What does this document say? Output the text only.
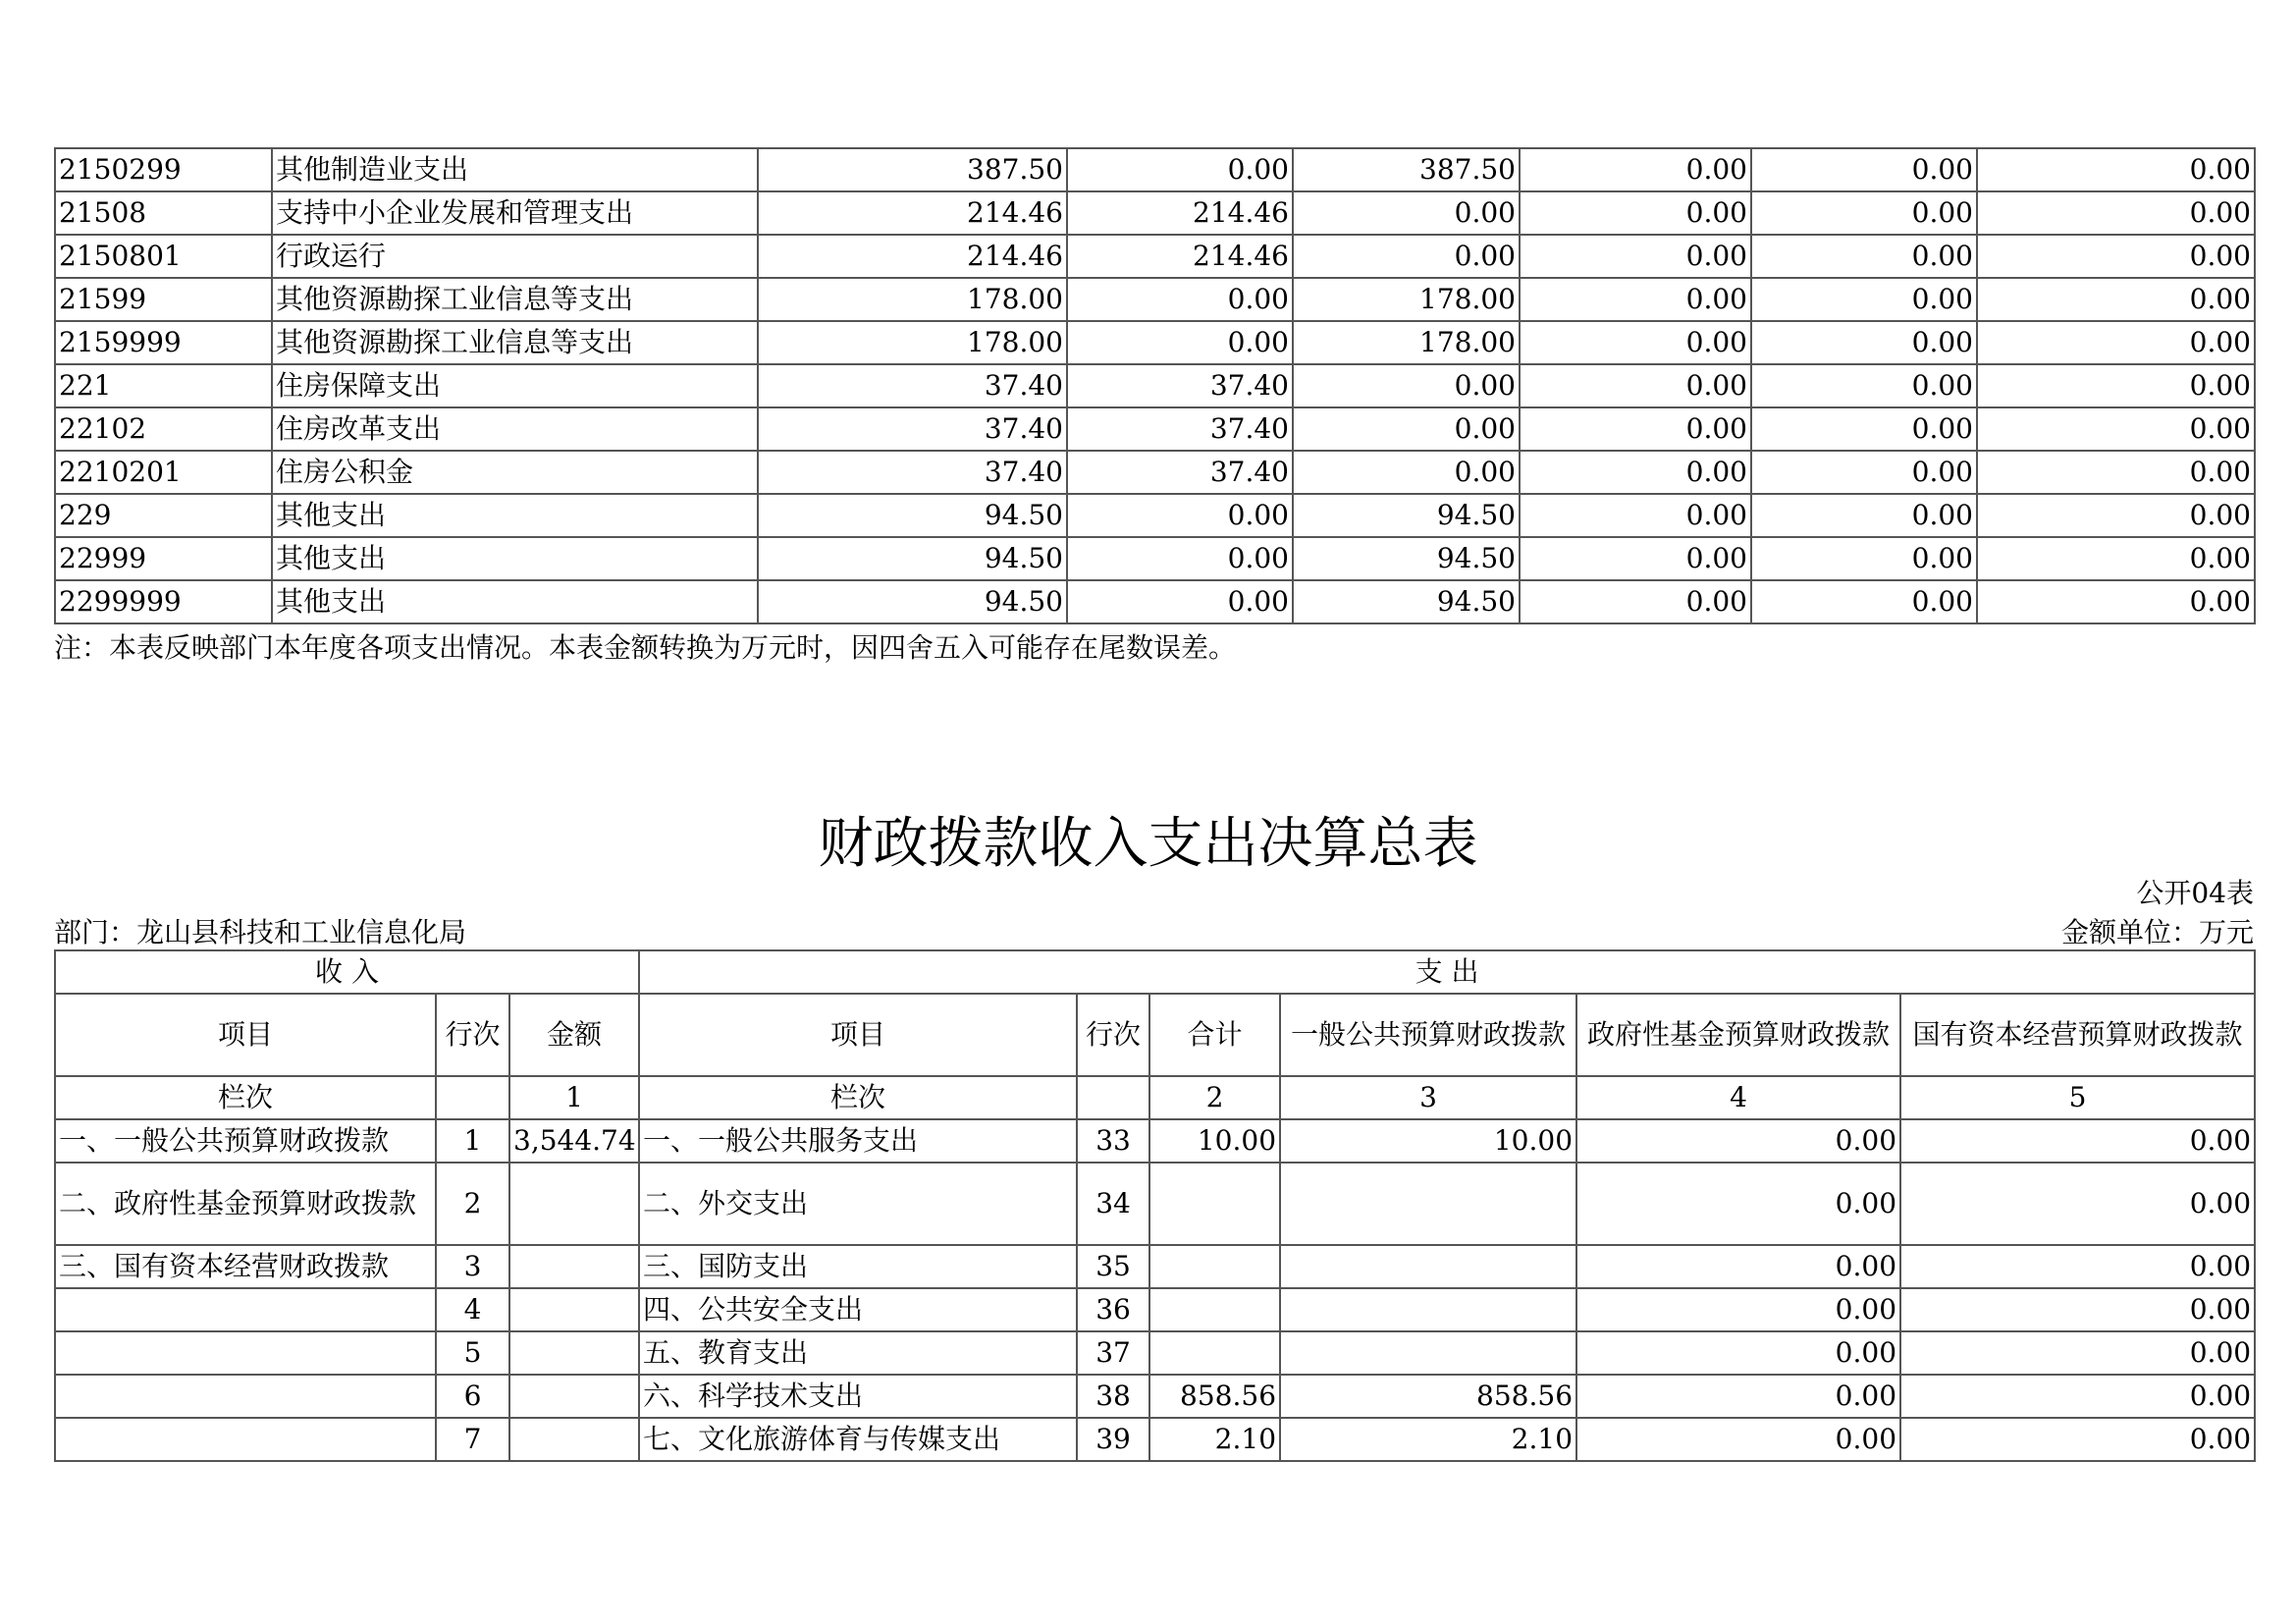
2150299	其他制造业支出	387.50	0.00	387.50	0.00	0.00	0.00
21508	支持中小企业发展和管理支出	214.46	214.46	0.00	0.00	0.00	0.00
2150801	行政运行	214.46	214.46	0.00	0.00	0.00	0.00
21599	其他资源勘探工业信息等支出	178.00	0.00	178.00	0.00	0.00	0.00
2159999	其他资源勘探工业信息等支出	178.00	0.00	178.00	0.00	0.00	0.00
221	住房保障支出	37.40	37.40	0.00	0.00	0.00	0.00
22102	住房改革支出	37.40	37.40	0.00	0.00	0.00	0.00
2210201	住房公积金	37.40	37.40	0.00	0.00	0.00	0.00
229	其他支出	94.50	0.00	94.50	0.00	0.00	0.00
22999	其他支出	94.50	0.00	94.50	0.00	0.00	0.00
2299999	其他支出	94.50	0.00	94.50	0.00	0.00	0.00
注：本表反映部门本年度各项支出情况。本表金额转换为万元时，因四舍五入可能存在尾数误差。
财政拨款收入支出决算总表
公开04表
部门：龙山县科技和工业信息化局	金额单位：万元
收 入			支 出					
项目	行次	金额	项目	行次	合计	一般公共预算财政拨款	政府性基金预算财政拨款	国有资本经营预算财政拨款
栏次		1	栏次		2	3	4	5
一、一般公共预算财政拨款	1	3,544.74	一、一般公共服务支出	33	10.00	10.00	0.00	0.00
二、政府性基金预算财政拨款	2		二、外交支出	34			0.00	0.00
三、国有资本经营财政拨款	3		三、国防支出	35			0.00	0.00
	4		四、公共安全支出	36			0.00	0.00
	5		五、教育支出	37			0.00	0.00
	6		六、科学技术支出	38	858.56	858.56	0.00	0.00
	7		七、文化旅游体育与传媒支出	39	2.10	2.10	0.00	0.00
